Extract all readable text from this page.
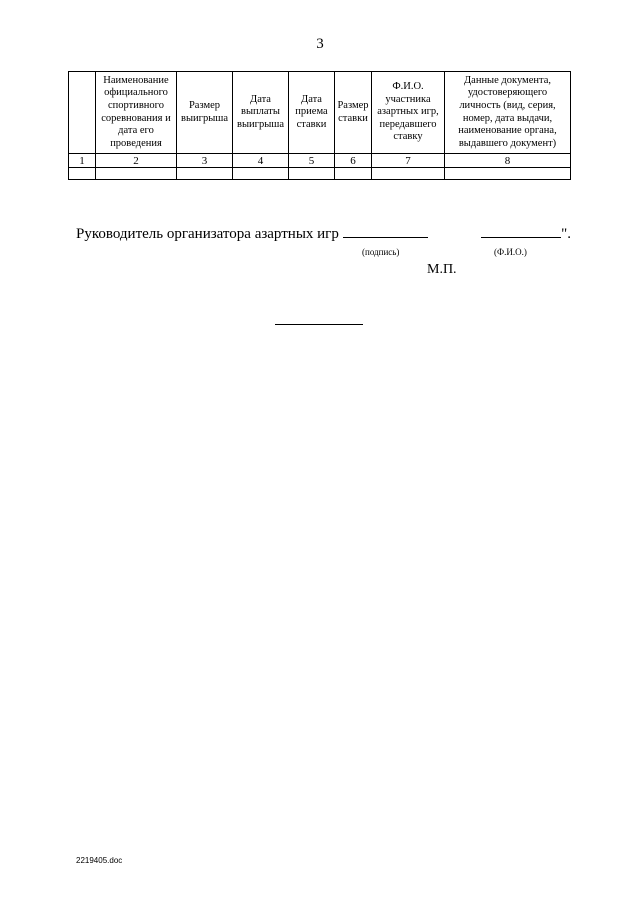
3
	Наименование официального спортивного соревнования и дата его проведения	Размер выигрыша	Дата выплаты выигрыша	Дата приема ставки	Размер ставки	Ф.И.О. участника азартных игр, передавшего ставку	Данные документа, удостоверяющего личность (вид, серия, номер, дата выдачи, наименование органа, выдавшего документ)
1	2	3	4	5	6	7	8

Руководитель организатора азартных игр	".
(подпись)	(Ф.И.О.)
М.П.
2219405.doc
